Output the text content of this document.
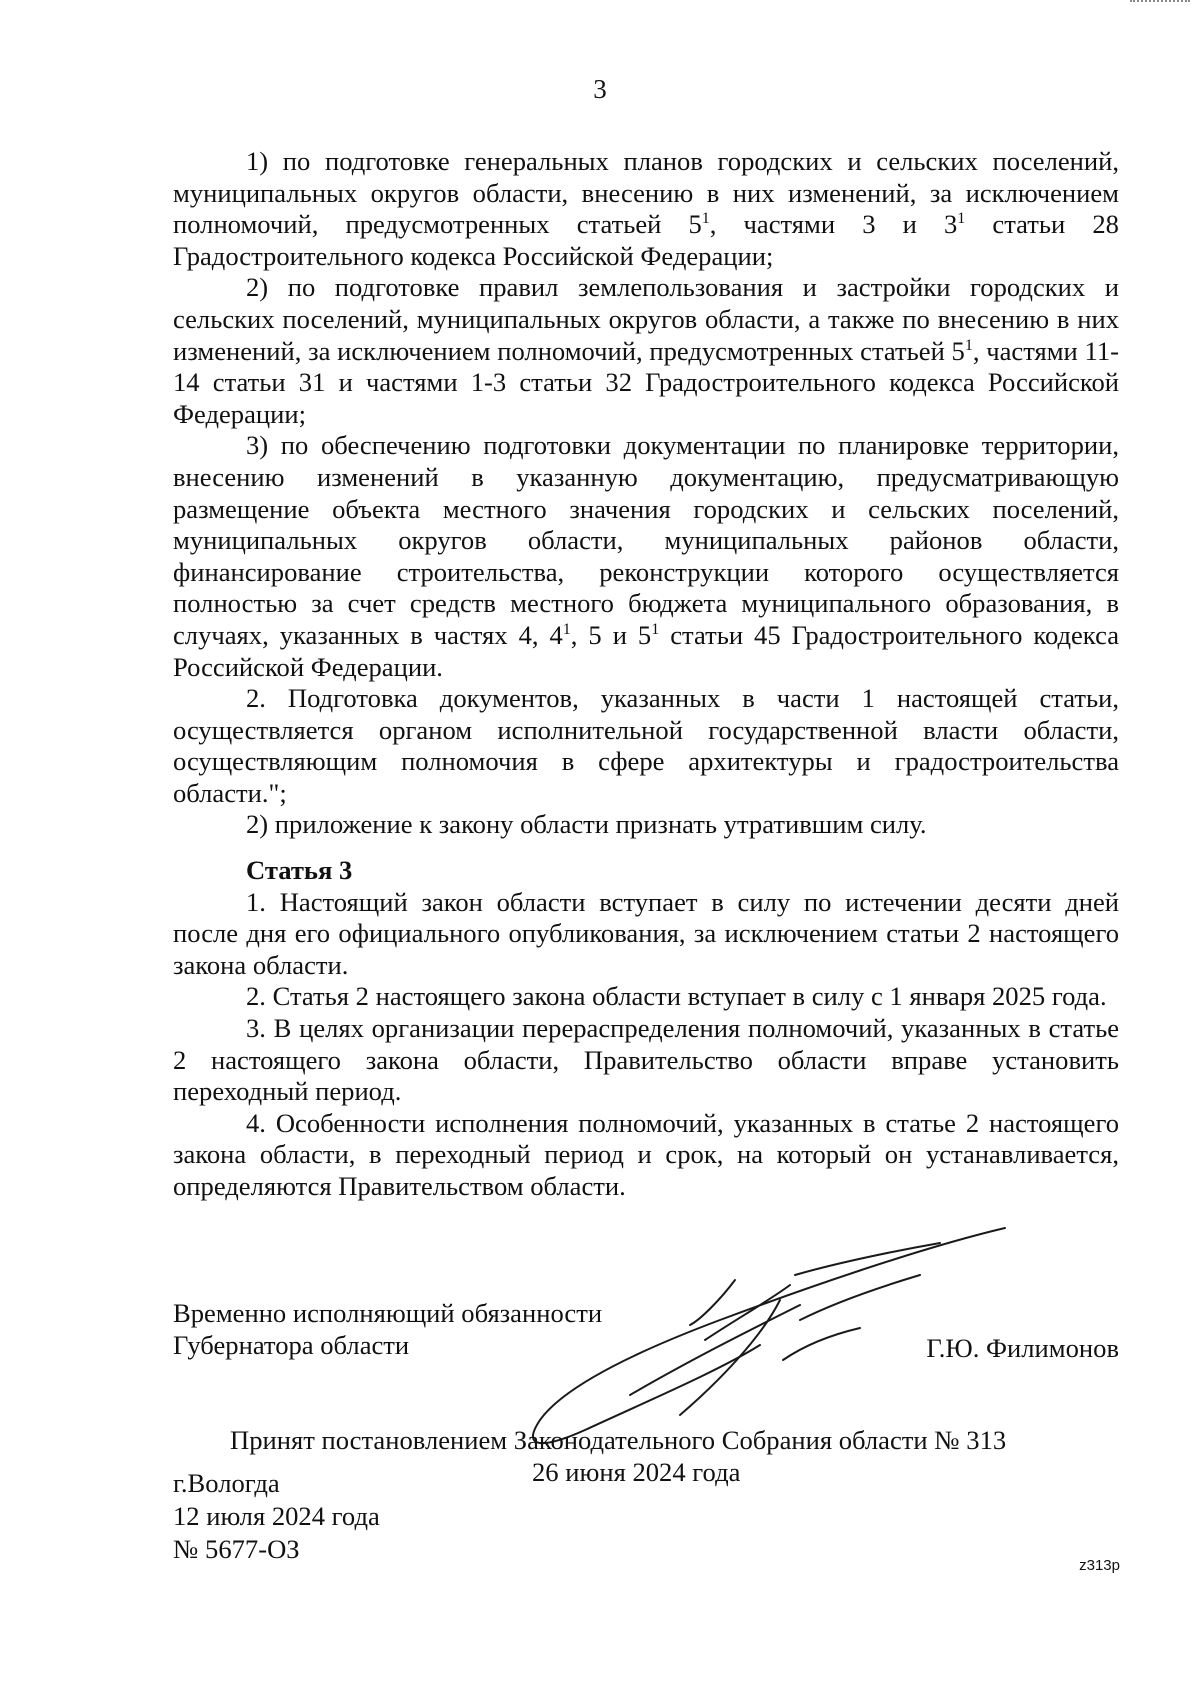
3

1) по подготовке генеральных планов городских и сельских поселений, муниципальных округов области, внесению в них изменений, за исключением полномочий, предусмотренных статьей $5^1$, частями 3 и $3^1$ статьи 28 Градостроительного кодекса Российской Федерации;

2) по подготовке правил землепользования и застройки городских и сельских поселений, муниципальных округов области, а также по внесению в них изменений, за исключением полномочий, предусмотренных статьей $5^1$, частями 11-14 статьи 31 и частями 1-3 статьи 32 Градостроительного кодекса Российской Федерации;

3) по обеспечению подготовки документации по планировке территории, внесению изменений в указанную документацию, предусматривающую размещение объекта местного значения городских и сельских поселений, муниципальных округов области, муниципальных районов области, финансирование строительства, реконструкции которого осуществляется полностью за счет средств местного бюджета муниципального образования, в случаях, указанных в частях 4, $4^1$, 5 и $5^1$ статьи 45 Градостроительного кодекса Российской Федерации.

2. Подготовка документов, указанных в части 1 настоящей статьи, осуществляется органом исполнительной государственной власти области, осуществляющим полномочия в сфере архитектуры и градостроительства области.";

2) приложение к закону области признать утратившим силу.

Статья 3

1. Настоящий закон области вступает в силу по истечении десяти дней после дня его официального опубликования, за исключением статьи 2 настоящего закона области.

2. Статья 2 настоящего закона области вступает в силу с 1 января 2025 года.

3. В целях организации перераспределения полномочий, указанных в статье 2 настоящего закона области, Правительство области вправе установить переходный период.

4. Особенности исполнения полномочий, указанных в статье 2 настоящего закона области, в переходный период и срок, на который он устанавливается, определяются Правительством области.

Временно исполняющий обязанности
Губернатора области	Г.Ю. Филимонов
Принят постановлением Законодательного Собрания области № 313
26 июня 2024 года
г.Вологда
12 июля 2024 года
№ 5677-ОЗ
z313р
